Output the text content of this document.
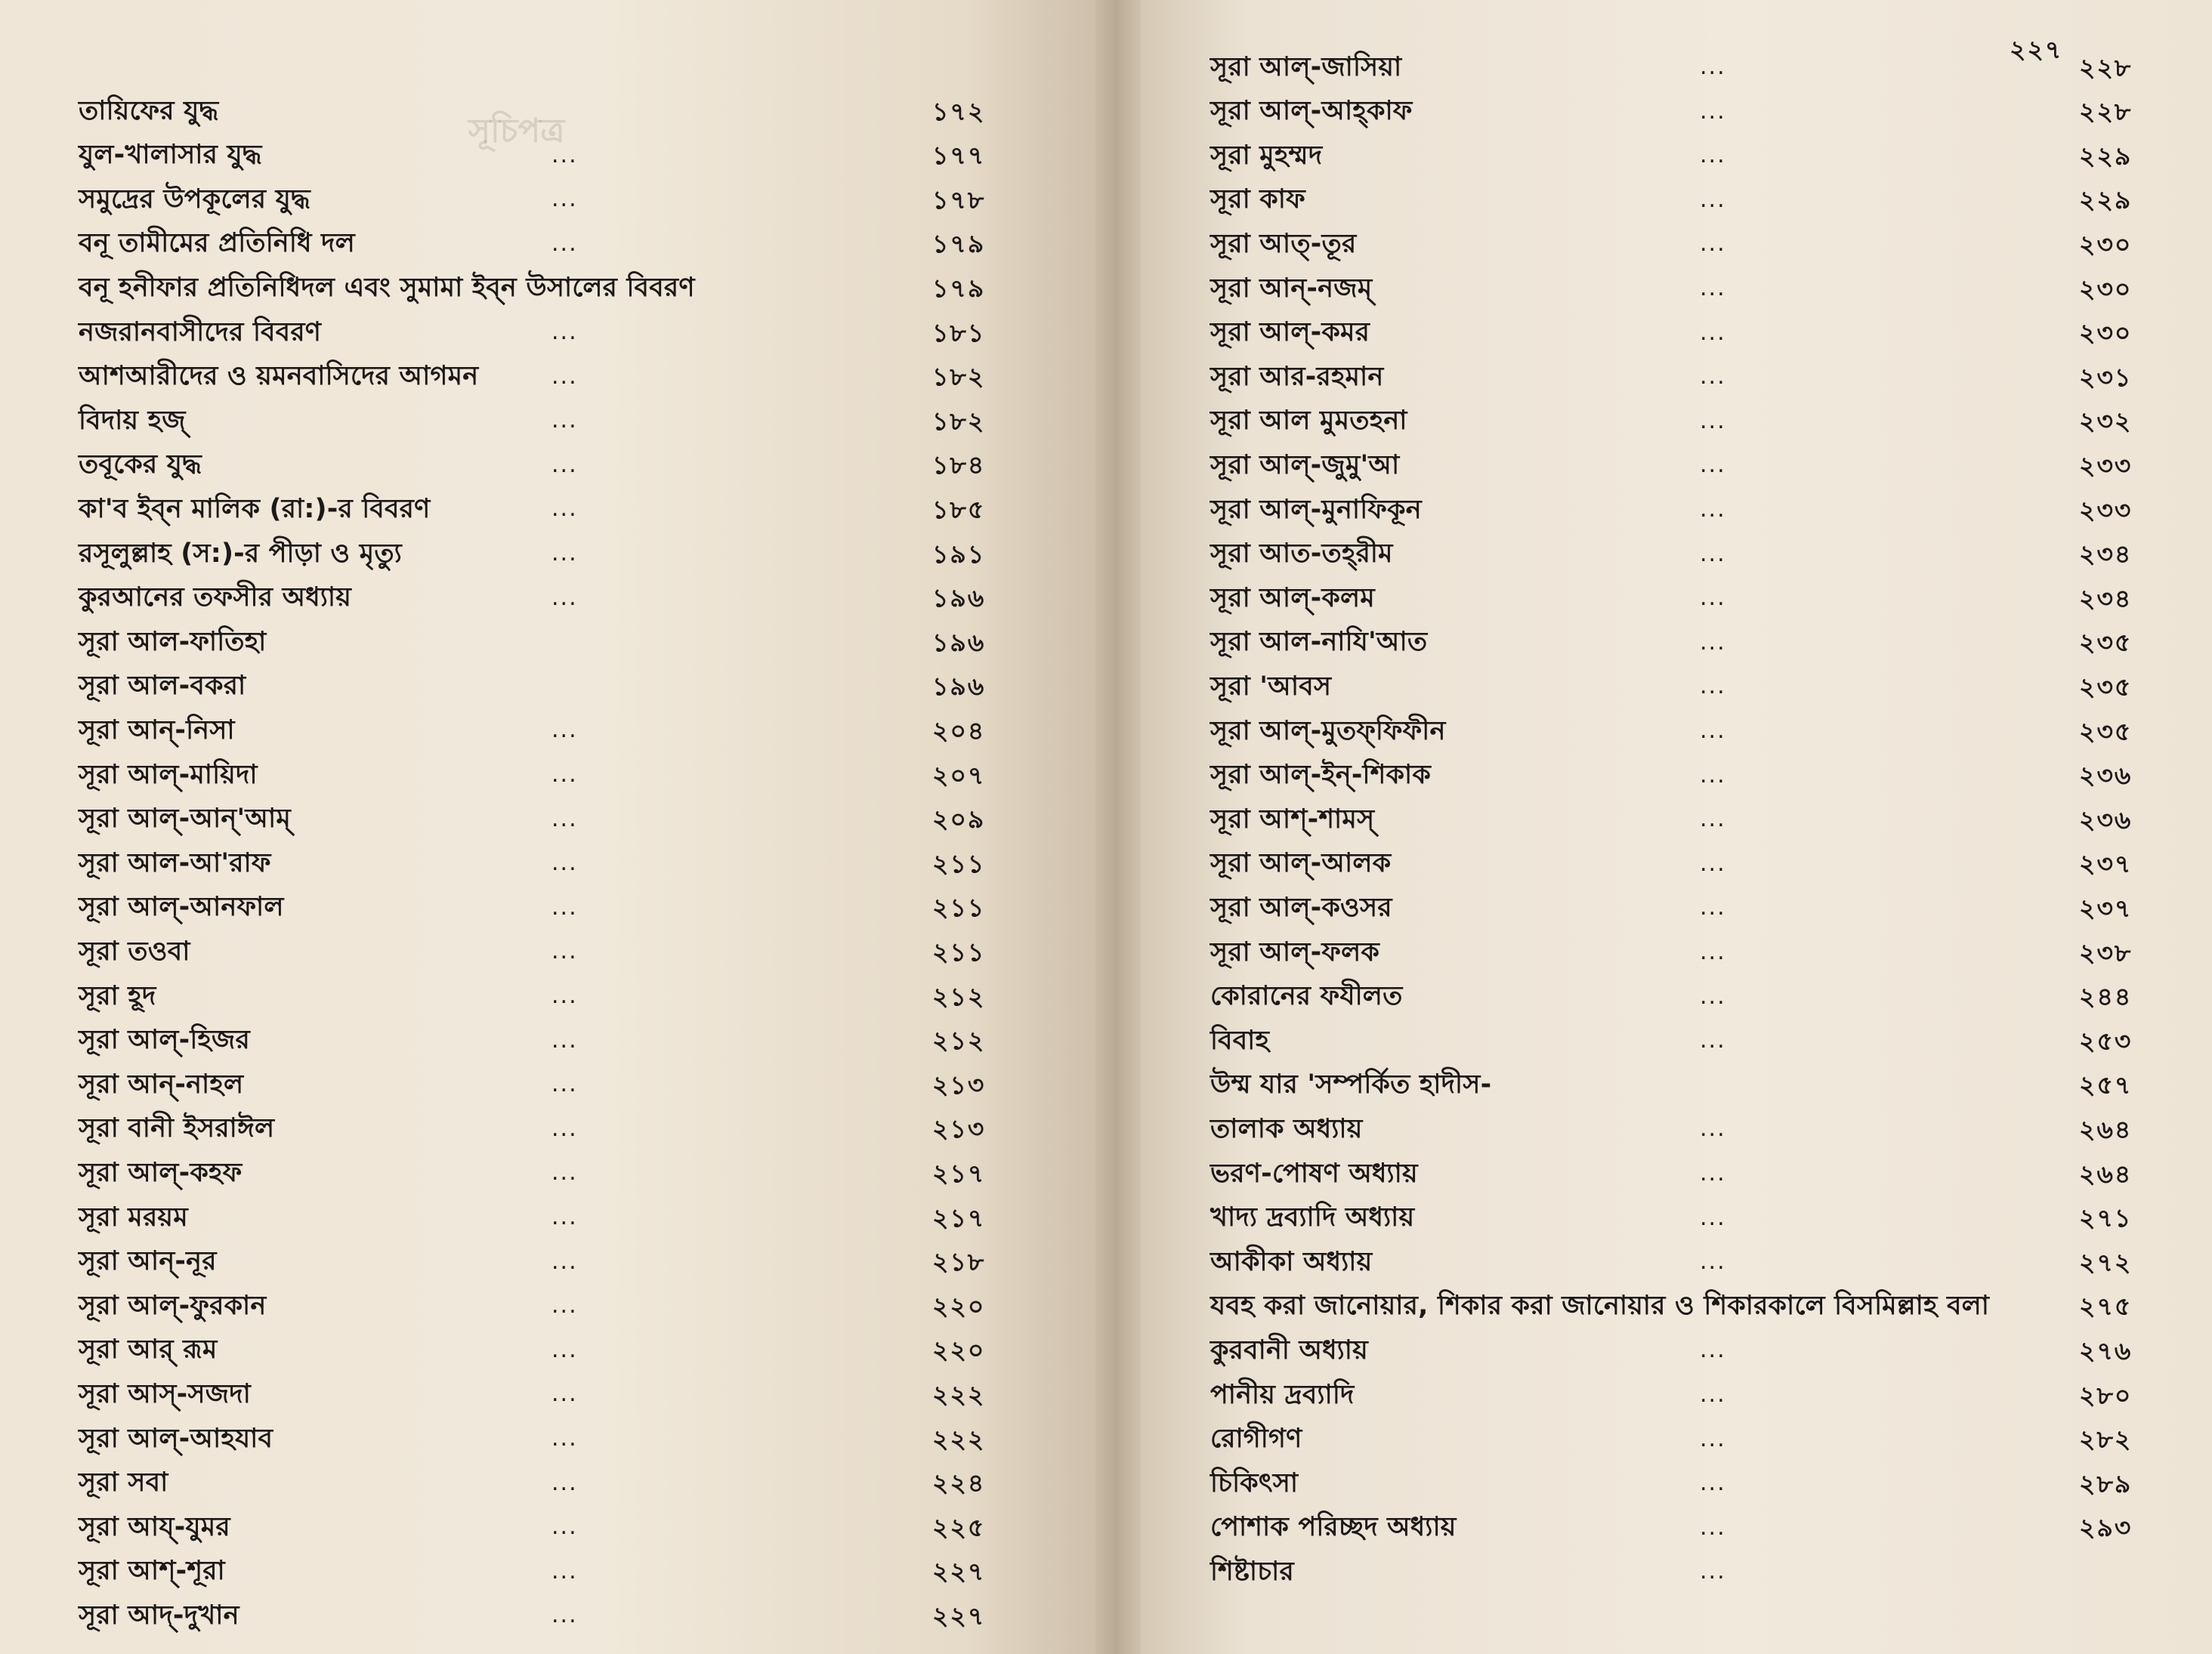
সূচিপত্র
তায়িফের যুদ্ধ	১৭২
যুল-খালাসার যুদ্ধ	...	১৭৭
সমুদ্রের উপকূলের যুদ্ধ	...	১৭৮
বনূ তামীমের প্রতিনিধি দল	...	১৭৯
বনূ হনীফার প্রতিনিধিদল এবং সুমামা ইব্‌ন উসালের বিবরণ	১৭৯
নজরানবাসীদের বিবরণ	...	১৮১
আশআরীদের ও য়মনবাসিদের আগমন	...	১৮২
বিদায় হজ্	...	১৮২
তবূকের যুদ্ধ	...	১৮৪
কা'ব ইব্‌ন মালিক (রা:)-র বিবরণ	...	১৮৫
রসূলুল্লাহ (স:)-র পীড়া ও মৃত্যু	...	১৯১
কুরআনের তফসীর অধ্যায়	...	১৯৬
সূরা আল-ফাতিহা	১৯৬
সূরা আল-বকরা	১৯৬
সূরা আন্‌-নিসা	...	২০৪
সূরা আল্‌-মায়িদা	...	২০৭
সূরা আল্‌-আন্‌'আম্	...	২০৯
সূরা আল-আ'রাফ	...	২১১
সূরা আল্‌-আনফাল	...	২১১
সূরা তওবা	...	২১১
সূরা হূদ	...	২১২
সূরা আল্‌-হিজর	...	২১২
সূরা আন্‌-নাহল	...	২১৩
সূরা বানী ইসরাঈল	...	২১৩
সূরা আল্‌-কহফ	...	২১৭
সূরা মরয়ম	...	২১৭
সূরা আন্‌-নূর	...	২১৮
সূরা আল্‌-ফুরকান	...	২২০
সূরা আর্‌ রূম	...	২২০
সূরা আস্‌-সজদা	...	২২২
সূরা আল্‌-আহযাব	...	২২২
সূরা সবা	...	২২৪
সূরা আয্‌-যুমর	...	২২৫
সূরা আশ্‌-শূরা	...	২২৭
সূরা আদ্‌-দুখান	...	২২৭
২২৭
সূরা আল্‌-জাসিয়া	...	২২৮
সূরা আল্‌-আহ্‌কাফ	...	২২৮
সূরা মুহম্মদ	...	২২৯
সূরা কাফ	...	২২৯
সূরা আত্‌-তূর	...	২৩০
সূরা আন্‌-নজম্	...	২৩০
সূরা আল্‌-কমর	...	২৩০
সূরা আর-রহমান	...	২৩১
সূরা আল মুমতহনা	...	২৩২
সূরা আল্‌-জুমু'আ	...	২৩৩
সূরা আল্‌-মুনাফিকূন	...	২৩৩
সূরা আত-তহ্‌রীম	...	২৩৪
সূরা আল্‌-কলম	...	২৩৪
সূরা আল-নাযি'আত	...	২৩৫
সূরা 'আবস	...	২৩৫
সূরা আল্‌-মুতফ্‌ফিফীন	...	২৩৫
সূরা আল্‌-ইন্‌-শিকাক	...	২৩৬
সূরা আশ্‌-শামস্	...	২৩৬
সূরা আল্‌-আলক	...	২৩৭
সূরা আল্‌-কওসর	...	২৩৭
সূরা আল্‌-ফলক	...	২৩৮
কোরানের ফযীলত	...	২৪৪
বিবাহ	...	২৫৩
উম্ম যার 'সম্পর্কিত হাদীস-	২৫৭
তালাক অধ্যায়	...	২৬৪
ভরণ-পোষণ অধ্যায়	...	২৬৪
খাদ্য দ্রব্যাদি অধ্যায়	...	২৭১
আকীকা অধ্যায়	...	২৭২
যবহ করা জানোয়ার, শিকার করা জানোয়ার ও শিকারকালে বিসমিল্লাহ বলা	২৭৫
কুরবানী অধ্যায়	...	২৭৬
পানীয় দ্রব্যাদি	...	২৮০
রোগীগণ	...	২৮২
চিকিৎসা	...	২৮৯
পোশাক পরিচ্ছদ অধ্যায়	...	২৯৩
শিষ্টাচার	...
